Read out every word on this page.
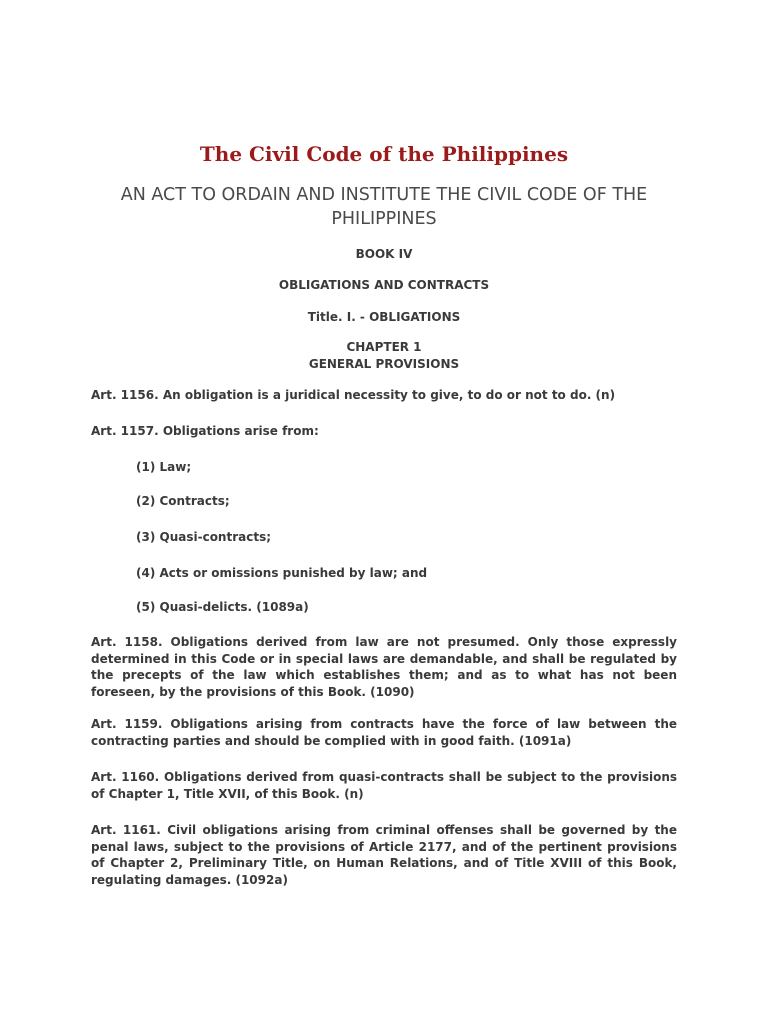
The Civil Code of the Philippines

AN ACT TO ORDAIN AND INSTITUTE THE CIVIL CODE OF THE PHILIPPINES

BOOK IV

OBLIGATIONS AND CONTRACTS

Title. I. - OBLIGATIONS

CHAPTER 1

GENERAL PROVISIONS

Art. 1156. An obligation is a juridical necessity to give, to do or not to do. (n)

Art. 1157. Obligations arise from:

(1) Law;

(2) Contracts;

(3) Quasi-contracts;

(4) Acts or omissions punished by law; and

(5) Quasi-delicts. (1089a)

Art. 1158. Obligations derived from law are not presumed. Only those expressly determined in this Code or in special laws are demandable, and shall be regulated by the precepts of the law which establishes them; and as to what has not been foreseen, by the provisions of this Book. (1090)

Art. 1159. Obligations arising from contracts have the force of law between the contracting parties and should be complied with in good faith. (1091a)

Art. 1160. Obligations derived from quasi-contracts shall be subject to the provisions of Chapter 1, Title XVII, of this Book. (n)

Art. 1161. Civil obligations arising from criminal offenses shall be governed by the penal laws, subject to the provisions of Article 2177, and of the pertinent provisions of Chapter 2, Preliminary Title, on Human Relations, and of Title XVIII of this Book, regulating damages. (1092a)
